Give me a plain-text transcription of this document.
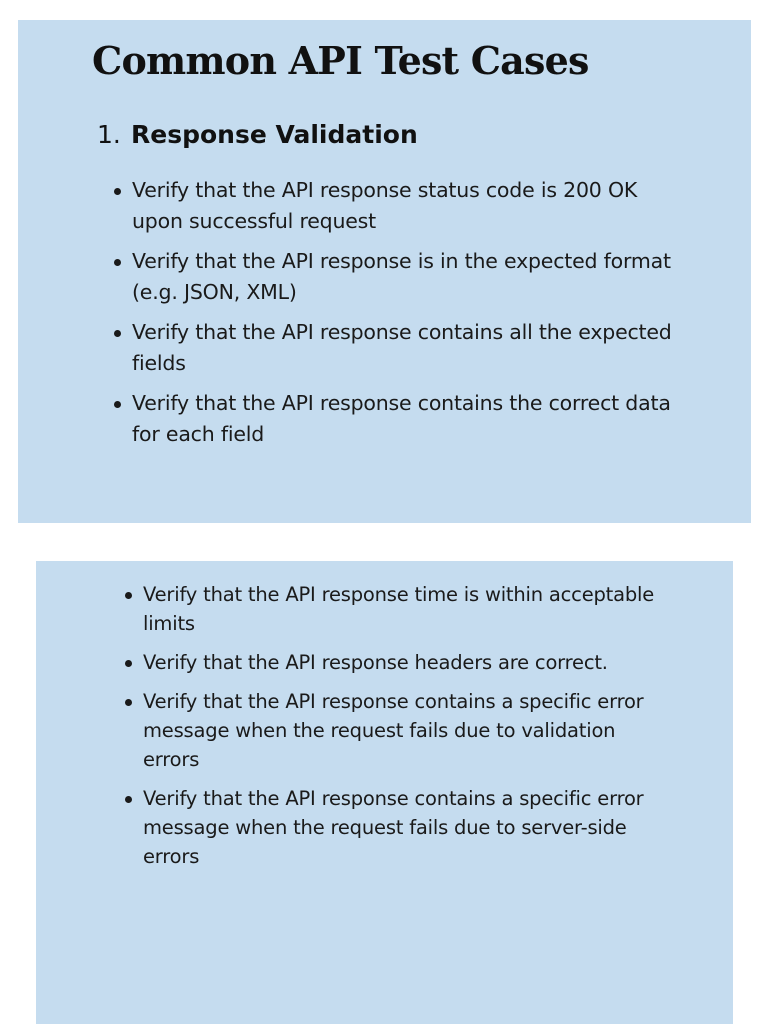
Common API Test Cases
1. Response Validation
Verify that the API response status code is 200 OK upon successful request
Verify that the API response is in the expected format (e.g. JSON, XML)
Verify that the API response contains all the expected fields
Verify that the API response contains the correct data for each field
Verify that the API response time is within acceptable limits
Verify that the API response headers are correct.
Verify that the API response contains a specific error message when the request fails due to validation errors
Verify that the API response contains a specific error message when the request fails due to server-side errors
